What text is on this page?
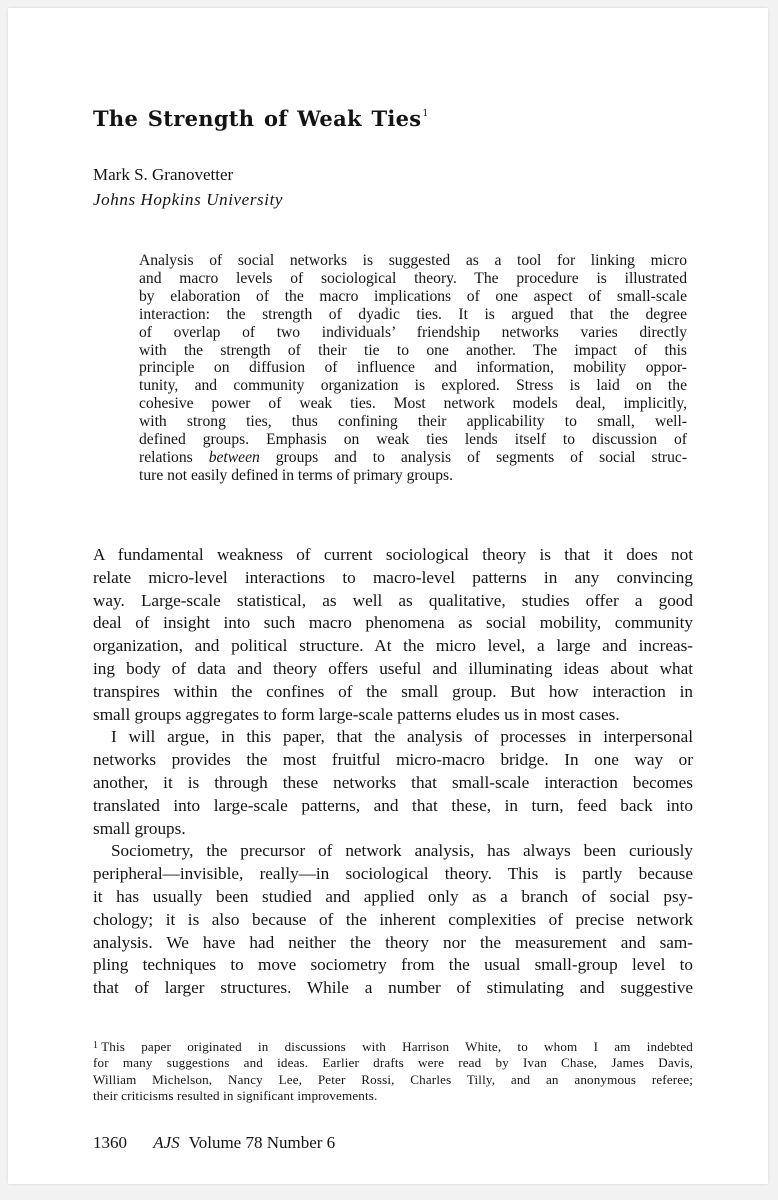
The Strength of Weak Ties$^1$
Mark S. Granovetter
Johns Hopkins University
Analysis of social networks is suggested as a tool for linking micro
and macro levels of sociological theory. The procedure is illustrated
by elaboration of the macro implications of one aspect of small-scale
interaction: the strength of dyadic ties. It is argued that the degree
of overlap of two individuals’ friendship networks varies directly
with the strength of their tie to one another. The impact of this
principle on diffusion of influence and information, mobility oppor-
tunity, and community organization is explored. Stress is laid on the
cohesive power of weak ties. Most network models deal, implicitly,
with strong ties, thus confining their applicability to small, well-
defined groups. Emphasis on weak ties lends itself to discussion of
relations between groups and to analysis of segments of social struc-
ture not easily defined in terms of primary groups.
A fundamental weakness of current sociological theory is that it does not
relate micro-level interactions to macro-level patterns in any convincing
way. Large-scale statistical, as well as qualitative, studies offer a good
deal of insight into such macro phenomena as social mobility, community
organization, and political structure. At the micro level, a large and increas-
ing body of data and theory offers useful and illuminating ideas about what
transpires within the confines of the small group. But how interaction in
small groups aggregates to form large-scale patterns eludes us in most cases.
I will argue, in this paper, that the analysis of processes in interpersonal
networks provides the most fruitful micro-macro bridge. In one way or
another, it is through these networks that small-scale interaction becomes
translated into large-scale patterns, and that these, in turn, feed back into
small groups.
Sociometry, the precursor of network analysis, has always been curiously
peripheral—invisible, really—in sociological theory. This is partly because
it has usually been studied and applied only as a branch of social psy-
chology; it is also because of the inherent complexities of precise network
analysis. We have had neither the theory nor the measurement and sam-
pling techniques to move sociometry from the usual small-group level to
that of larger structures. While a number of stimulating and suggestive
$^1$ This paper originated in discussions with Harrison White, to whom I am indebted
for many suggestions and ideas. Earlier drafts were read by Ivan Chase, James Davis,
William Michelson, Nancy Lee, Peter Rossi, Charles Tilly, and an anonymous referee;
their criticisms resulted in significant improvements.
1360 AJS Volume 78 Number 6
